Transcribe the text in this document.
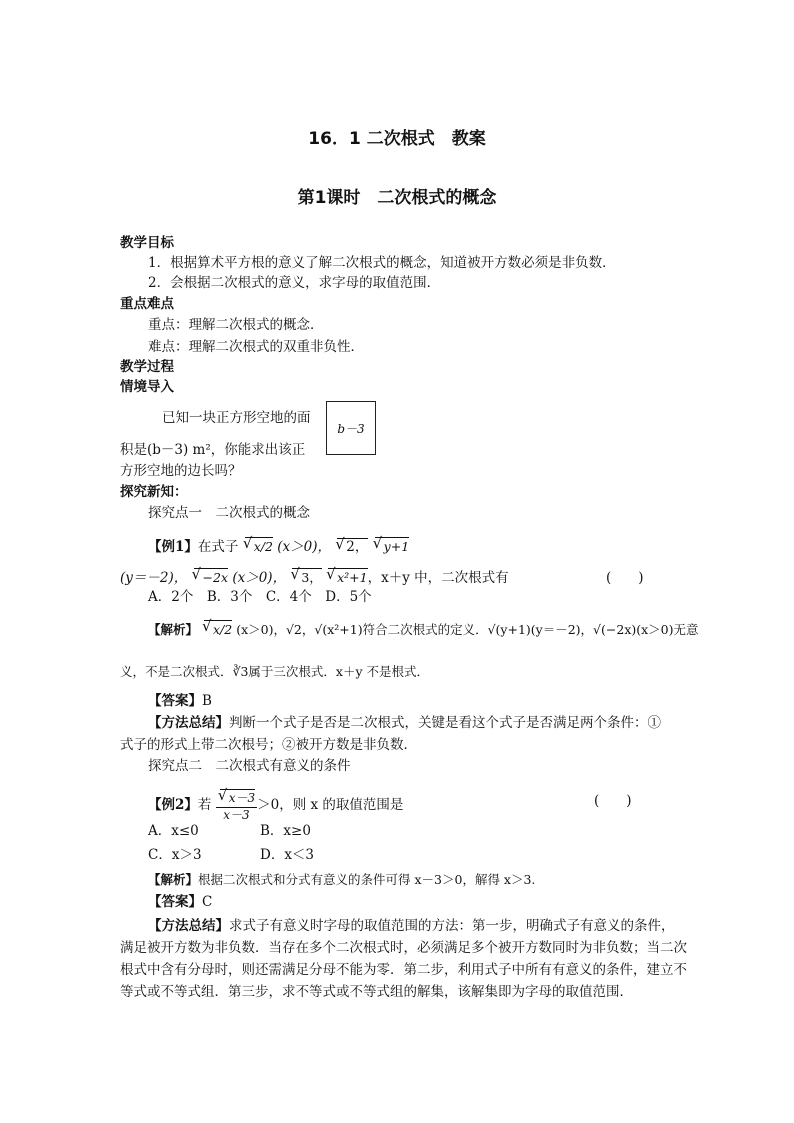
16．1 二次根式　教案
第1课时　二次根式的概念
教学目标
1．根据算术平方根的意义了解二次根式的概念，知道被开方数必须是非负数．
2．会根据二次根式的意义，求字母的取值范围．
重点难点
重点：理解二次根式的概念．
难点：理解二次根式的双重非负性．
教学过程
情境导入
已知一块正方形空地的面
积是(b－3) m²，你能求出该正
方形空地的边长吗？
b－3
探究新知：
探究点一　二次根式的概念
【例1】在式子 √ x/2 (x＞0)， √ 2， √ y+1
(y＝－2)， √ −2x (x＞0)， √ 3， √ x²+1，x＋y 中，二次根式有	(　　)
A．2个　B．3个　C．4个　D．5个
【解析】 √ x/2 (x＞0)，√2，√(x²+1)符合二次根式的定义．√(y+1)(y＝－2)，√(−2x)(x＞0)无意
义，不是二次根式．∛3属于三次根式．x＋y 不是根式．
【答案】B
【方法总结】判断一个式子是否是二次根式，关键是看这个式子是否满足两个条件：①
式子的形式上带二次根号；②被开方数是非负数．
探究点二　二次根式有意义的条件
【例2】若 √ $\frac{x-3}{x-3} >0$，则 x 的取值范围是	(　　)
A．x≤0	B．x≥0
C．x＞3	D．x＜3
【解析】根据二次根式和分式有意义的条件可得 x－3＞0，解得 x＞3.
【答案】C
【方法总结】求式子有意义时字母的取值范围的方法：第一步，明确式子有意义的条件，
满足被开方数为非负数．当存在多个二次根式时，必须满足多个被开方数同时为非负数；当二次
根式中含有分母时，则还需满足分母不能为零．第二步，利用式子中所有有意义的条件，建立不
等式或不等式组．第三步，求不等式或不等式组的解集，该解集即为字母的取值范围．
